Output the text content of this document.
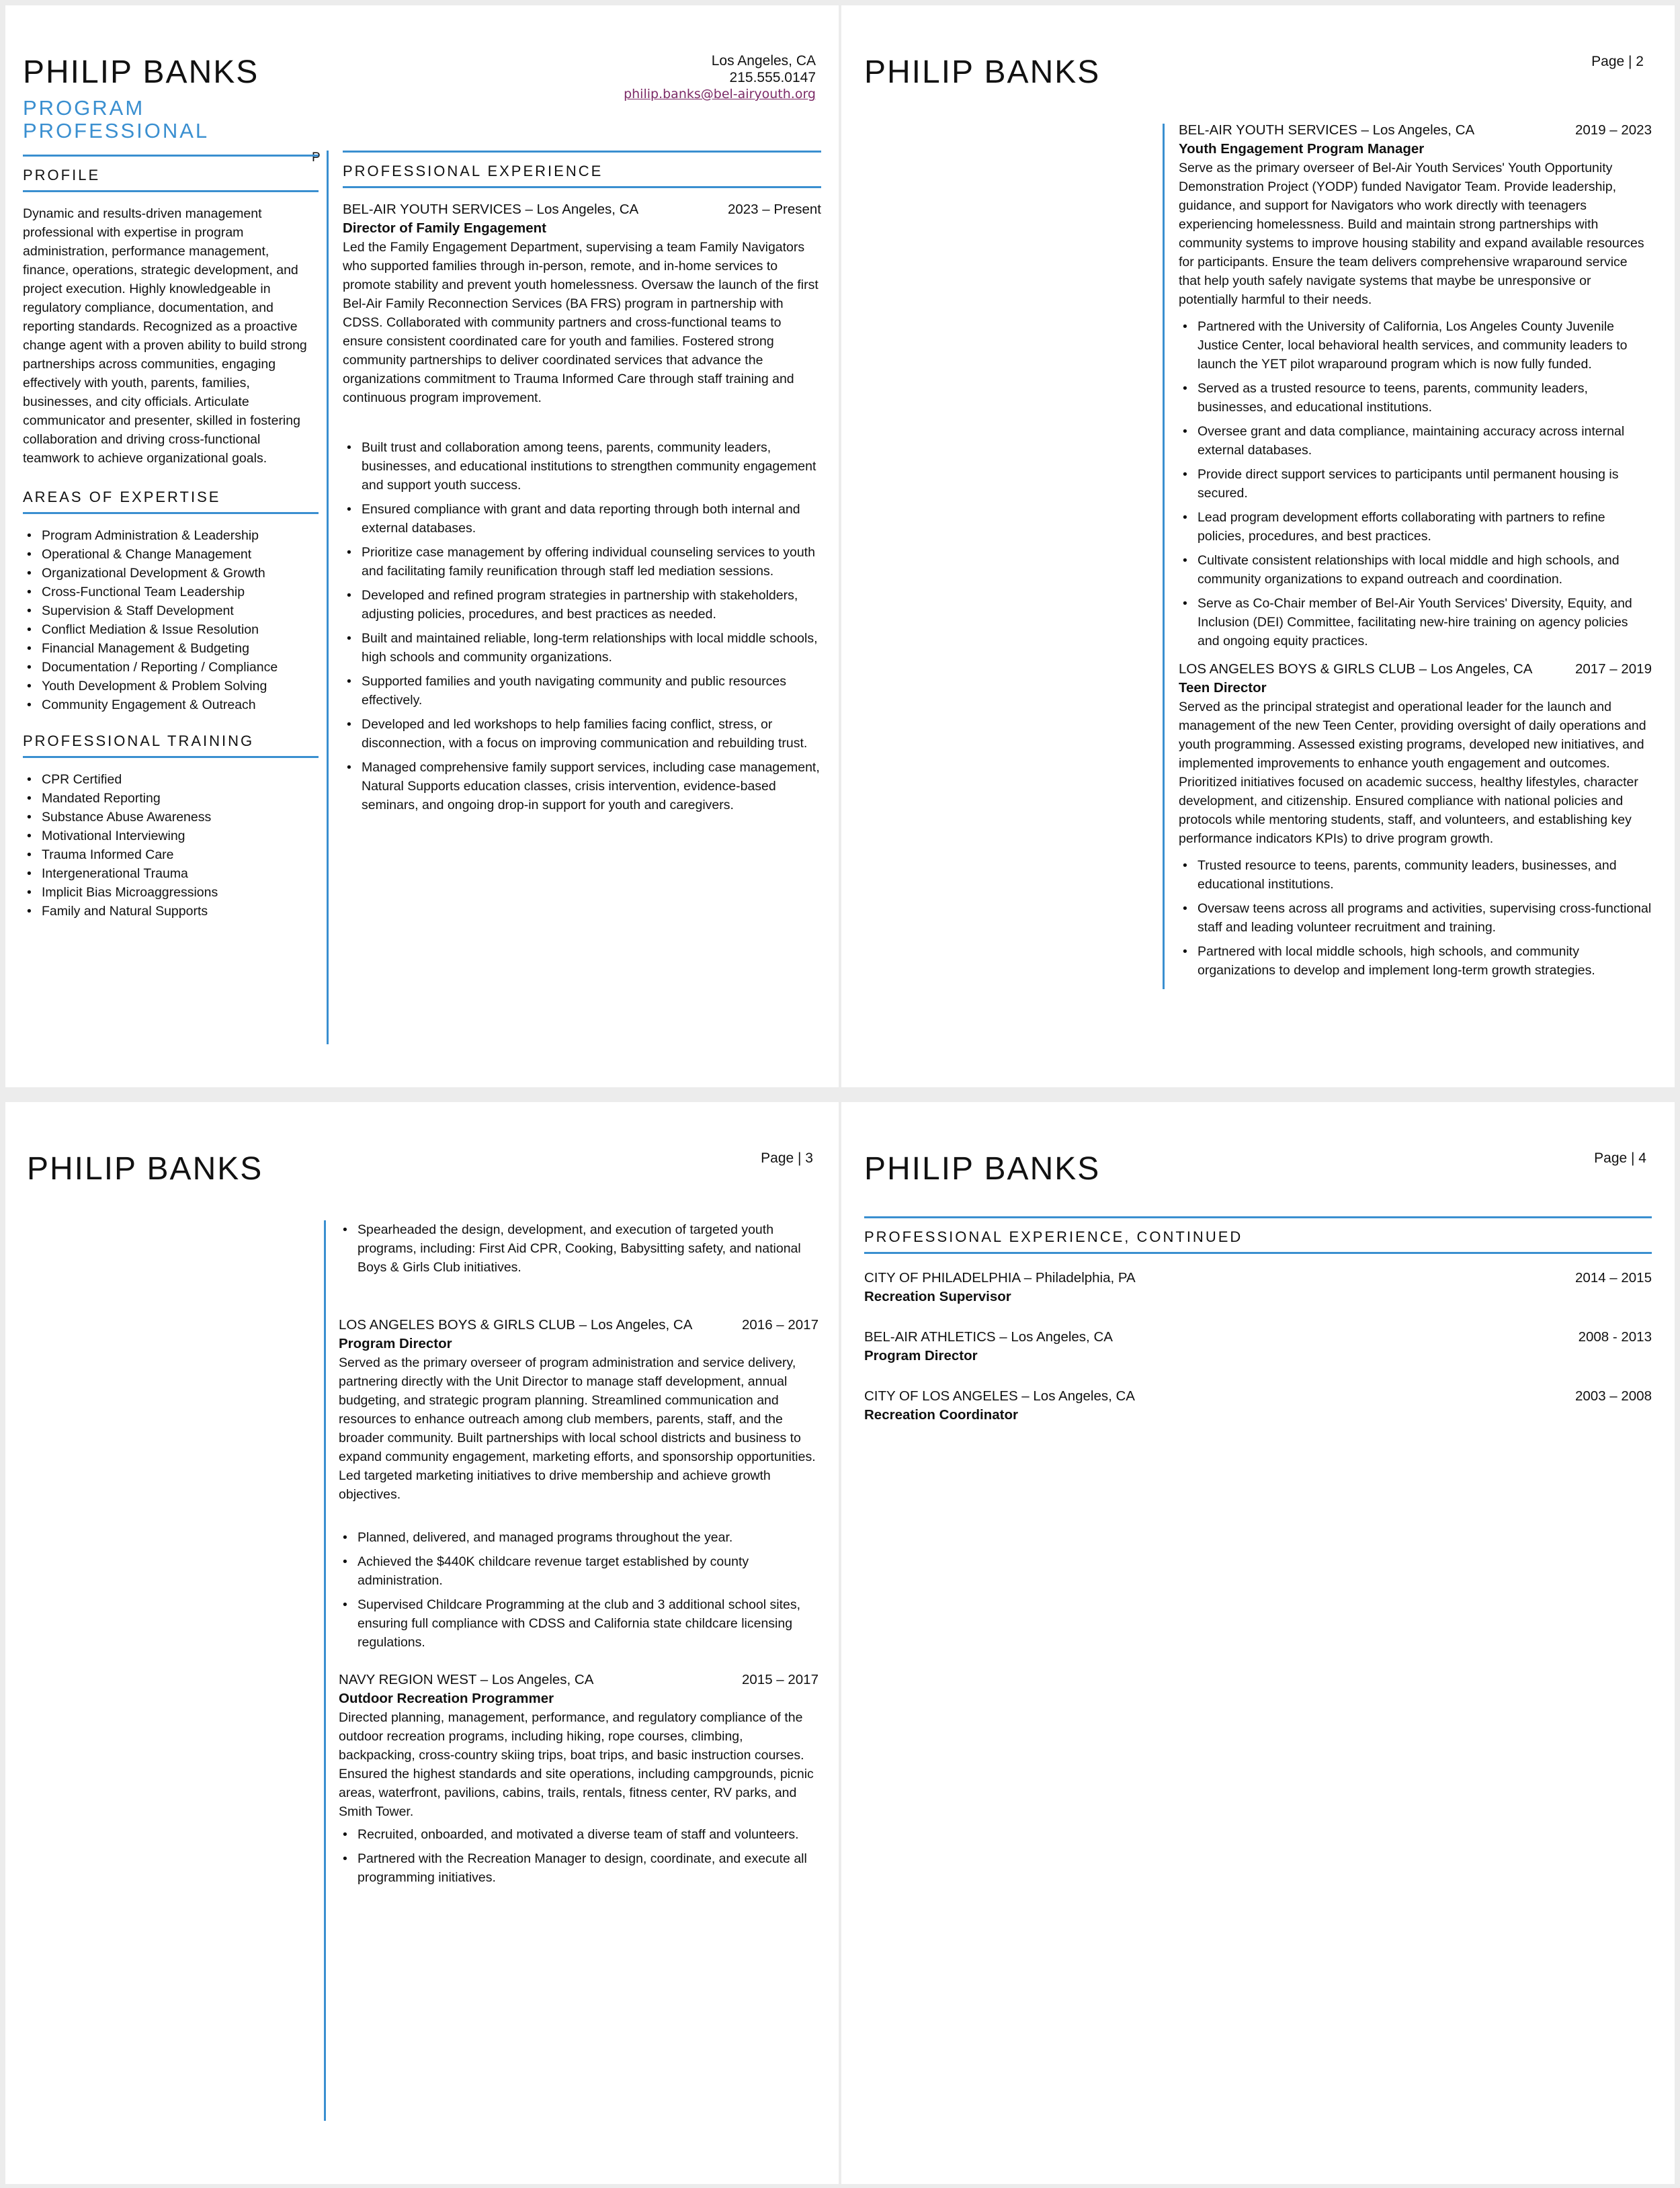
PHILIP BANKS
PROGRAM
PROFESSIONAL
Los Angeles, CA
215.555.0147
philip.banks@bel-airyouth.org
P
PROFILE
Dynamic and results-driven management professional with expertise in program administration, performance management, finance, operations, strategic development, and project execution. Highly knowledgeable in regulatory compliance, documentation, and reporting standards. Recognized as a proactive change agent with a proven ability to build strong partnerships across communities, engaging effectively with youth, parents, families, businesses, and city officials. Articulate communicator and presenter, skilled in fostering collaboration and driving cross-functional teamwork to achieve organizational goals.
AREAS OF EXPERTISE
• Program Administration & Leadership
• Operational & Change Management
• Organizational Development & Growth
• Cross-Functional Team Leadership
• Supervision & Staff Development
• Conflict Mediation & Issue Resolution
• Financial Management & Budgeting
• Documentation / Reporting / Compliance
• Youth Development & Problem Solving
• Community Engagement & Outreach
PROFESSIONAL TRAINING
• CPR Certified
• Mandated Reporting
• Substance Abuse Awareness
• Motivational Interviewing
• Trauma Informed Care
• Intergenerational Trauma
• Implicit Bias Microaggressions
• Family and Natural Supports
PROFESSIONAL EXPERIENCE
BEL-AIR YOUTH SERVICES – Los Angeles, CA	2023 – Present
Director of Family Engagement
Led the Family Engagement Department, supervising a team Family Navigators who supported families through in-person, remote, and in-home services to promote stability and prevent youth homelessness. Oversaw the launch of the first Bel-Air Family Reconnection Services (BA FRS) program in partnership with CDSS. Collaborated with community partners and cross-functional teams to ensure consistent coordinated care for youth and families. Fostered strong community partnerships to deliver coordinated services that advance the organizations commitment to Trauma Informed Care through staff training and continuous program improvement.
• Built trust and collaboration among teens, parents, community leaders, businesses, and educational institutions to strengthen community engagement and support youth success.
• Ensured compliance with grant and data reporting through both internal and external databases.
• Prioritize case management by offering individual counseling services to youth and facilitating family reunification through staff led mediation sessions.
• Developed and refined program strategies in partnership with stakeholders, adjusting policies, procedures, and best practices as needed.
• Built and maintained reliable, long-term relationships with local middle schools, high schools and community organizations.
• Supported families and youth navigating community and public resources effectively.
• Developed and led workshops to help families facing conflict, stress, or disconnection, with a focus on improving communication and rebuilding trust.
• Managed comprehensive family support services, including case management, Natural Supports education classes, crisis intervention, evidence-based seminars, and ongoing drop-in support for youth and caregivers.
PHILIP BANKS	Page | 2
BEL-AIR YOUTH SERVICES – Los Angeles, CA	2019 – 2023
Youth Engagement Program Manager
Serve as the primary overseer of Bel-Air Youth Services' Youth Opportunity Demonstration Project (YODP) funded Navigator Team. Provide leadership, guidance, and support for Navigators who work directly with teenagers experiencing homelessness. Build and maintain strong partnerships with community systems to improve housing stability and expand available resources for participants. Ensure the team delivers comprehensive wraparound service that help youth safely navigate systems that maybe be unresponsive or potentially harmful to their needs.
• Partnered with the University of California, Los Angeles County Juvenile Justice Center, local behavioral health services, and community leaders to launch the YET pilot wraparound program which is now fully funded.
• Served as a trusted resource to teens, parents, community leaders, businesses, and educational institutions.
• Oversee grant and data compliance, maintaining accuracy across internal external databases.
• Provide direct support services to participants until permanent housing is secured.
• Lead program development efforts collaborating with partners to refine policies, procedures, and best practices.
• Cultivate consistent relationships with local middle and high schools, and community organizations to expand outreach and coordination.
• Serve as Co-Chair member of Bel-Air Youth Services' Diversity, Equity, and Inclusion (DEI) Committee, facilitating new-hire training on agency policies and ongoing equity practices.
LOS ANGELES BOYS & GIRLS CLUB – Los Angeles, CA	2017 – 2019
Teen Director
Served as the principal strategist and operational leader for the launch and management of the new Teen Center, providing oversight of daily operations and youth programming. Assessed existing programs, developed new initiatives, and implemented improvements to enhance youth engagement and outcomes. Prioritized initiatives focused on academic success, healthy lifestyles, character development, and citizenship. Ensured compliance with national policies and protocols while mentoring students, staff, and volunteers, and establishing key performance indicators KPIs) to drive program growth.
• Trusted resource to teens, parents, community leaders, businesses, and educational institutions.
• Oversaw teens across all programs and activities, supervising cross-functional staff and leading volunteer recruitment and training.
• Partnered with local middle schools, high schools, and community organizations to develop and implement long-term growth strategies.
PHILIP BANKS	Page | 3
• Spearheaded the design, development, and execution of targeted youth programs, including: First Aid CPR, Cooking, Babysitting safety, and national Boys & Girls Club initiatives.
LOS ANGELES BOYS & GIRLS CLUB – Los Angeles, CA	2016 – 2017
Program Director
Served as the primary overseer of program administration and service delivery, partnering directly with the Unit Director to manage staff development, annual budgeting, and strategic program planning. Streamlined communication and resources to enhance outreach among club members, parents, staff, and the broader community. Built partnerships with local school districts and business to expand community engagement, marketing efforts, and sponsorship opportunities. Led targeted marketing initiatives to drive membership and achieve growth objectives.
• Planned, delivered, and managed programs throughout the year.
• Achieved the $440K childcare revenue target established by county administration.
• Supervised Childcare Programming at the club and 3 additional school sites, ensuring full compliance with CDSS and California state childcare licensing regulations.
NAVY REGION WEST – Los Angeles, CA	2015 – 2017
Outdoor Recreation Programmer
Directed planning, management, performance, and regulatory compliance of the outdoor recreation programs, including hiking, rope courses, climbing, backpacking, cross-country skiing trips, boat trips, and basic instruction courses. Ensured the highest standards and site operations, including campgrounds, picnic areas, waterfront, pavilions, cabins, trails, rentals, fitness center, RV parks, and Smith Tower.
• Recruited, onboarded, and motivated a diverse team of staff and volunteers.
• Partnered with the Recreation Manager to design, coordinate, and execute all programming initiatives.
PHILIP BANKS	Page | 4
PROFESSIONAL EXPERIENCE, CONTINUED
CITY OF PHILADELPHIA – Philadelphia, PA	2014 – 2015
Recreation Supervisor
BEL-AIR ATHLETICS – Los Angeles, CA	2008 - 2013
Program Director
CITY OF LOS ANGELES – Los Angeles, CA	2003 – 2008
Recreation Coordinator
